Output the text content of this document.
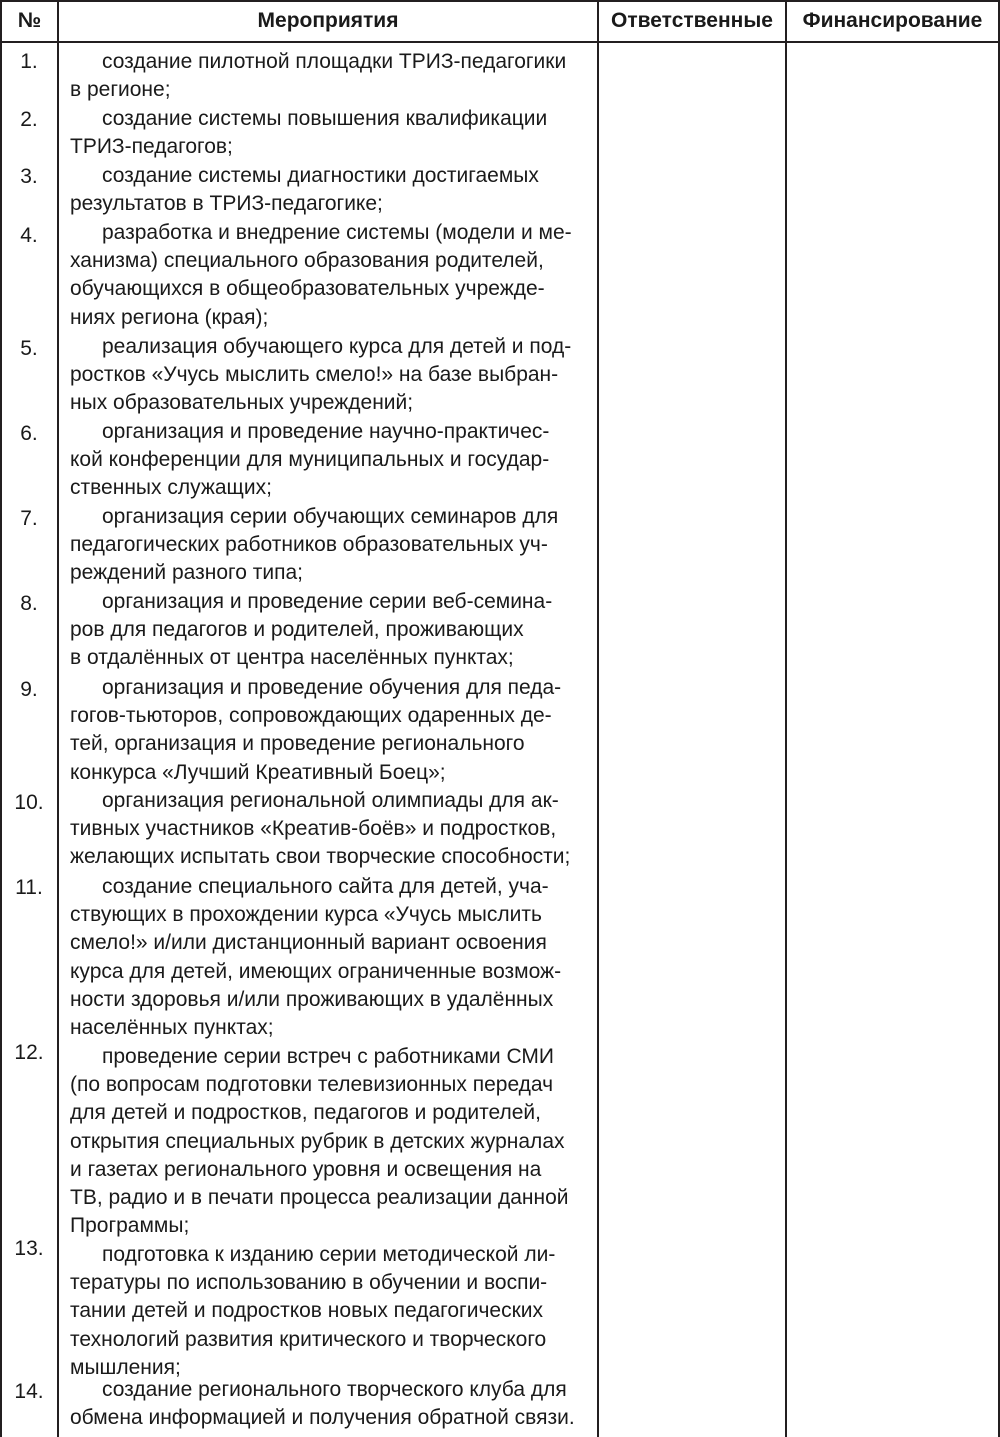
№	Мероприятия	Ответственные	Финансирование
1.	создание пилотной площадки ТРИЗ-педагогики
в регионе;
2.	создание системы повышения квалификации
ТРИЗ-педагогов;
3.	создание системы диагностики достигаемых
результатов в ТРИЗ-педагогике;
4.	разработка и внедрение системы (модели и ме-
ханизма) специального образования родителей,
обучающихся в общеобразовательных учрежде-
ниях региона (края);
5.	реализация обучающего курса для детей и под-
ростков «Учусь мыслить смело!» на базе выбран-
ных образовательных учреждений;
6.	организация и проведение научно-практичес-
кой конференции для муниципальных и государ-
ственных служащих;
7.	организация серии обучающих семинаров для
педагогических работников образовательных уч-
реждений разного типа;
8.	организация и проведение серии веб-семина-
ров для педагогов и родителей, проживающих
в отдалённых от центра населённых пунктах;
9.	организация и проведение обучения для педа-
гогов-тьюторов, сопровождающих одаренных де-
тей, организация и проведение регионального
конкурса «Лучший Креативный Боец»;
10.	организация региональной олимпиады для ак-
тивных участников «Креатив-боёв» и подростков,
желающих испытать свои творческие способности;
11.	создание специального сайта для детей, уча-
ствующих в прохождении курса «Учусь мыслить
смело!» и/или дистанционный вариант освоения
курса для детей, имеющих ограниченные возмож-
ности здоровья и/или проживающих в удалённых
населённых пунктах;
12.	проведение серии встреч с работниками СМИ
(по вопросам подготовки телевизионных передач
для детей и подростков, педагогов и родителей,
открытия специальных рубрик в детских журналах
и газетах регионального уровня и освещения на
ТВ, радио и в печати процесса реализации данной
Программы;
13.	подготовка к изданию серии методической ли-
тературы по использованию в обучении и воспи-
тании детей и подростков новых педагогических
технологий развития критического и творческого
мышления;
14.	создание регионального творческого клуба для
обмена информацией и получения обратной связи.
